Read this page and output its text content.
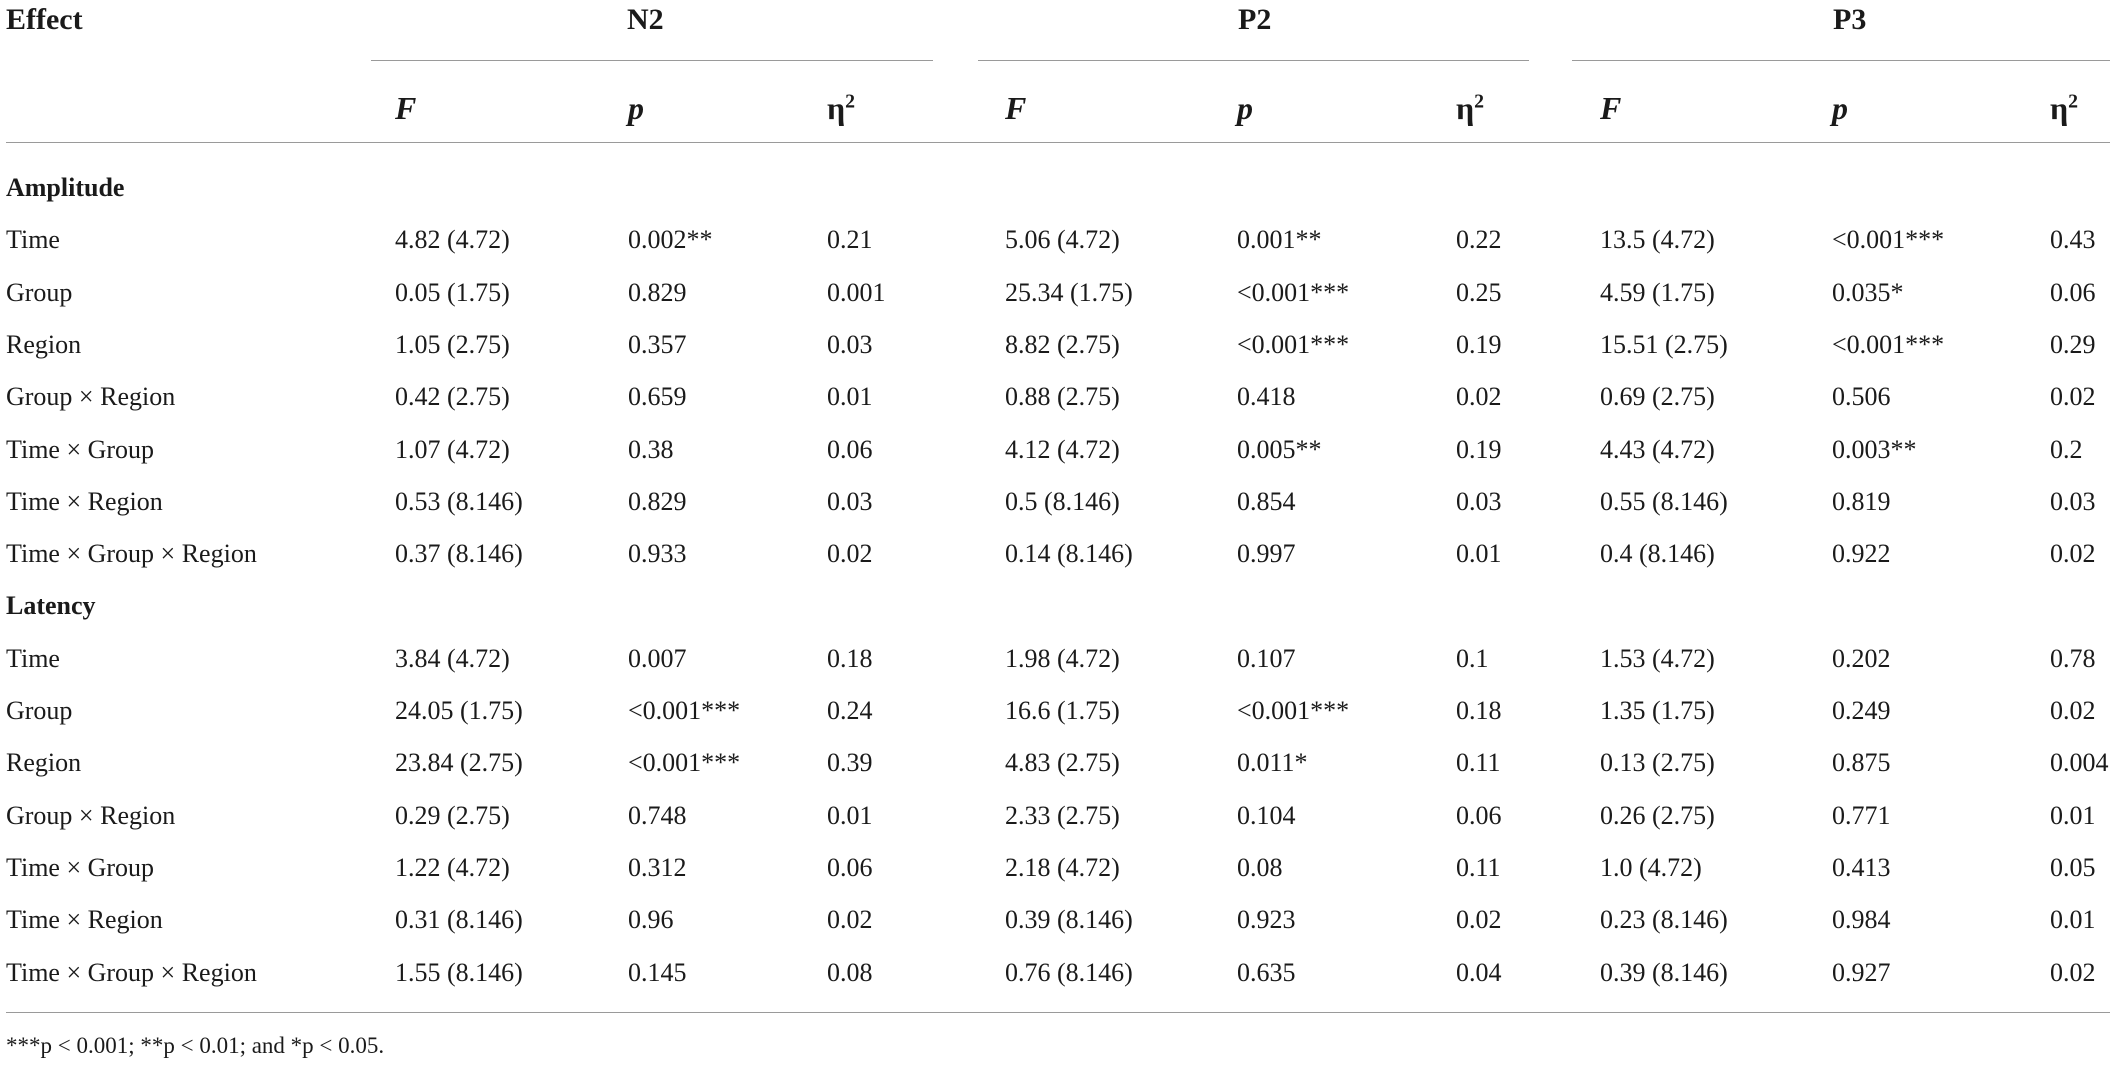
Effect	N2	P2	P3
F	p	$\eta^2$	F	p	$\eta^2$	F	p	$\eta^2$
Amplitude
Time	4.82 (4.72)	0.002**	0.21	5.06 (4.72)	0.001**	0.22	13.5 (4.72)	<0.001***	0.43
Group	0.05 (1.75)	0.829	0.001	25.34 (1.75)	<0.001***	0.25	4.59 (1.75)	0.035*	0.06
Region	1.05 (2.75)	0.357	0.03	8.82 (2.75)	<0.001***	0.19	15.51 (2.75)	<0.001***	0.29
Group × Region	0.42 (2.75)	0.659	0.01	0.88 (2.75)	0.418	0.02	0.69 (2.75)	0.506	0.02
Time × Group	1.07 (4.72)	0.38	0.06	4.12 (4.72)	0.005**	0.19	4.43 (4.72)	0.003**	0.2
Time × Region	0.53 (8.146)	0.829	0.03	0.5 (8.146)	0.854	0.03	0.55 (8.146)	0.819	0.03
Time × Group × Region	0.37 (8.146)	0.933	0.02	0.14 (8.146)	0.997	0.01	0.4 (8.146)	0.922	0.02
Latency
Time	3.84 (4.72)	0.007	0.18	1.98 (4.72)	0.107	0.1	1.53 (4.72)	0.202	0.78
Group	24.05 (1.75)	<0.001***	0.24	16.6 (1.75)	<0.001***	0.18	1.35 (1.75)	0.249	0.02
Region	23.84 (2.75)	<0.001***	0.39	4.83 (2.75)	0.011*	0.11	0.13 (2.75)	0.875	0.004
Group × Region	0.29 (2.75)	0.748	0.01	2.33 (2.75)	0.104	0.06	0.26 (2.75)	0.771	0.01
Time × Group	1.22 (4.72)	0.312	0.06	2.18 (4.72)	0.08	0.11	1.0 (4.72)	0.413	0.05
Time × Region	0.31 (8.146)	0.96	0.02	0.39 (8.146)	0.923	0.02	0.23 (8.146)	0.984	0.01
Time × Group × Region	1.55 (8.146)	0.145	0.08	0.76 (8.146)	0.635	0.04	0.39 (8.146)	0.927	0.02
***p < 0.001; **p < 0.01; and *p < 0.05.
